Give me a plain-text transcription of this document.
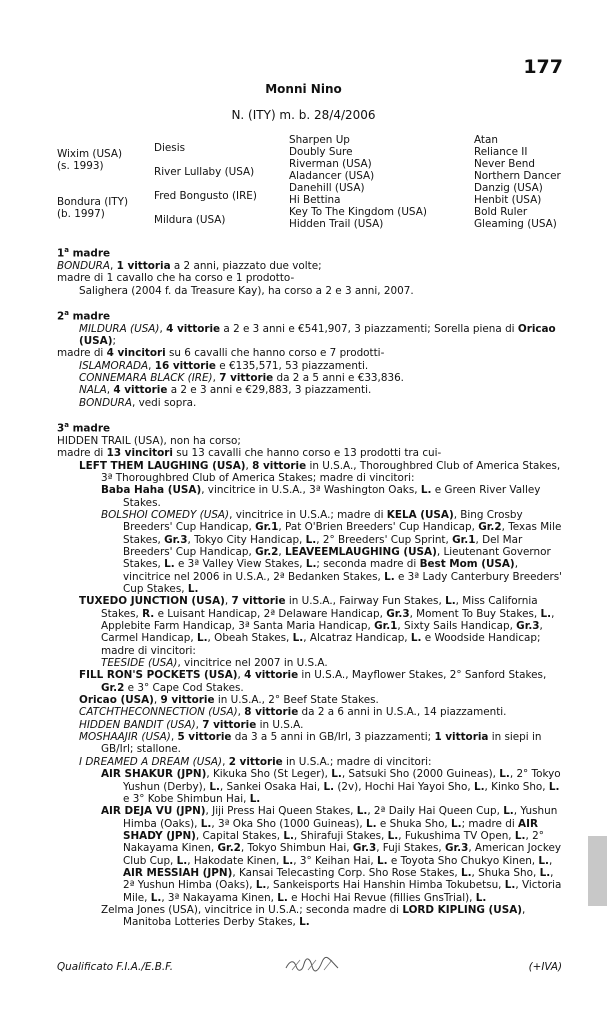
177
Monni Nino
N. (ITY) m. b. 28/4/2006
Wixim (USA)
(s. 1993)
Bondura (ITY)
(b. 1997)
Diesis
River Lullaby (USA)
Fred Bongusto (IRE)
Mildura (USA)
Sharpen Up
Doubly Sure
Riverman (USA)
Aladancer (USA)
Danehill (USA)
Hi Bettina
Key To The Kingdom (USA)
Hidden Trail (USA)
Atan
Reliance II
Never Bend
Northern Dancer
Danzig (USA)
Henbit (USA)
Bold Ruler
Gleaming (USA)

1$^a$ madre

BONDURA, 1 vittoria a 2 anni, piazzato due volte;

madre di 1 cavallo che ha corso e 1 prodotto-

Salighera (2004 f. da Treasure Kay), ha corso a 2 e 3 anni, 2007.

2$^a$ madre

MILDURA (USA), 4 vittorie a 2 e 3 anni e €541,907, 3 piazzamenti; Sorella piena di Oricao

(USA);

madre di 4 vincitori su 6 cavalli che hanno corso e 7 prodotti-

ISLAMORADA, 16 vittorie e €135,571, 53 piazzamenti.

CONNEMARA BLACK (IRE), 7 vittorie da 2 a 5 anni e €33,836.

NALA, 4 vittorie a 2 e 3 anni e €29,883, 3 piazzamenti.

BONDURA, vedi sopra.

3$^a$ madre

HIDDEN TRAIL (USA), non ha corso;

madre di 13 vincitori su 13 cavalli che hanno corso e 13 prodotti tra cui-

LEFT THEM LAUGHING (USA), 8 vittorie in U.S.A., Thoroughbred Club of America Stakes, 3ª Thoroughbred Club of America Stakes; madre di vincitori:

Baba Haha (USA), vincitrice in U.S.A., 3ª Washington Oaks, L. e Green River Valley Stakes.

BOLSHOI COMEDY (USA), vincitrice in U.S.A.; madre di KELA (USA), Bing Crosby Breeders' Cup Handicap, Gr.1, Pat O'Brien Breeders' Cup Handicap, Gr.2, Texas Mile Stakes, Gr.3, Tokyo City Handicap, L., 2° Breeders' Cup Sprint, Gr.1, Del Mar Breeders' Cup Handicap, Gr.2, LEAVEEMLAUGHING (USA), Lieutenant Governor Stakes, L. e 3ª Valley View Stakes, L.; seconda madre di Best Mom (USA), vincitrice nel 2006 in U.S.A., 2ª Bedanken Stakes, L. e 3ª Lady Canterbury Breeders' Cup Stakes, L.

TUXEDO JUNCTION (USA), 7 vittorie in U.S.A., Fairway Fun Stakes, L., Miss California Stakes, R. e Luisant Handicap, 2ª Delaware Handicap, Gr.3, Moment To Buy Stakes, L., Applebite Farm Handicap, 3ª Santa Maria Handicap, Gr.1, Sixty Sails Handicap, Gr.3, Carmel Handicap, L., Obeah Stakes, L., Alcatraz Handicap, L. e Woodside Handicap; madre di vincitori:

TEESIDE (USA), vincitrice nel 2007 in U.S.A.

FILL RON'S POCKETS (USA), 4 vittorie in U.S.A., Mayflower Stakes, 2° Sanford Stakes, Gr.2 e 3° Cape Cod Stakes.

Oricao (USA), 9 vittorie in U.S.A., 2° Beef State Stakes.

CATCHTHECONNECTION (USA), 8 vittorie da 2 a 6 anni in U.S.A., 14 piazzamenti.

HIDDEN BANDIT (USA), 7 vittorie in U.S.A.

MOSHAAJIR (USA), 5 vittorie da 3 a 5 anni in GB/Irl, 3 piazzamenti; 1 vittoria in siepi in GB/Irl; stallone.

I DREAMED A DREAM (USA), 2 vittorie in U.S.A.; madre di vincitori:

AIR SHAKUR (JPN), Kikuka Sho (St Leger), L., Satsuki Sho (2000 Guineas), L., 2° Tokyo Yushun (Derby), L., Sankei Osaka Hai, L. (2v), Hochi Hai Yayoi Sho, L., Kinko Sho, L. e 3° Kobe Shimbun Hai, L.

AIR DEJA VU (JPN), Jiji Press Hai Queen Stakes, L., 2ª Daily Hai Queen Cup, L., Yushun Himba (Oaks), L., 3ª Oka Sho (1000 Guineas), L. e Shuka Sho, L.; madre di AIR SHADY (JPN), Capital Stakes, L., Shirafuji Stakes, L., Fukushima TV Open, L., 2° Nakayama Kinen, Gr.2, Tokyo Shimbun Hai, Gr.3, Fuji Stakes, Gr.3, American Jockey Club Cup, L., Hakodate Kinen, L., 3° Keihan Hai, L. e Toyota Sho Chukyo Kinen, L., AIR MESSIAH (JPN), Kansai Telecasting Corp. Sho Rose Stakes, L., Shuka Sho, L., 2ª Yushun Himba (Oaks), L., Sankeisports Hai Hanshin Himba Tokubetsu, L., Victoria Mile, L., 3ª Nakayama Kinen, L. e Hochi Hai Revue (fillies GnsTrial), L.

Zelma Jones (USA), vincitrice in U.S.A.; seconda madre di LORD KIPLING (USA), Manitoba Lotteries Derby Stakes, L.

Qualificato F.I.A./E.B.F.	(+IVA)
